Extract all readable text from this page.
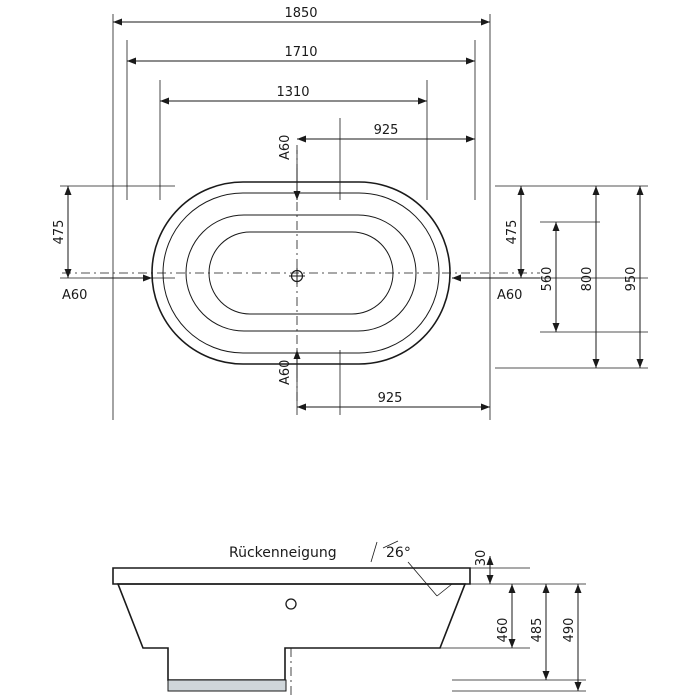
1850
1710
1310
925
A60
475
A60	A60
A60
925
475
560 800 950
Rückenneigung	26°	30
460 485 490
